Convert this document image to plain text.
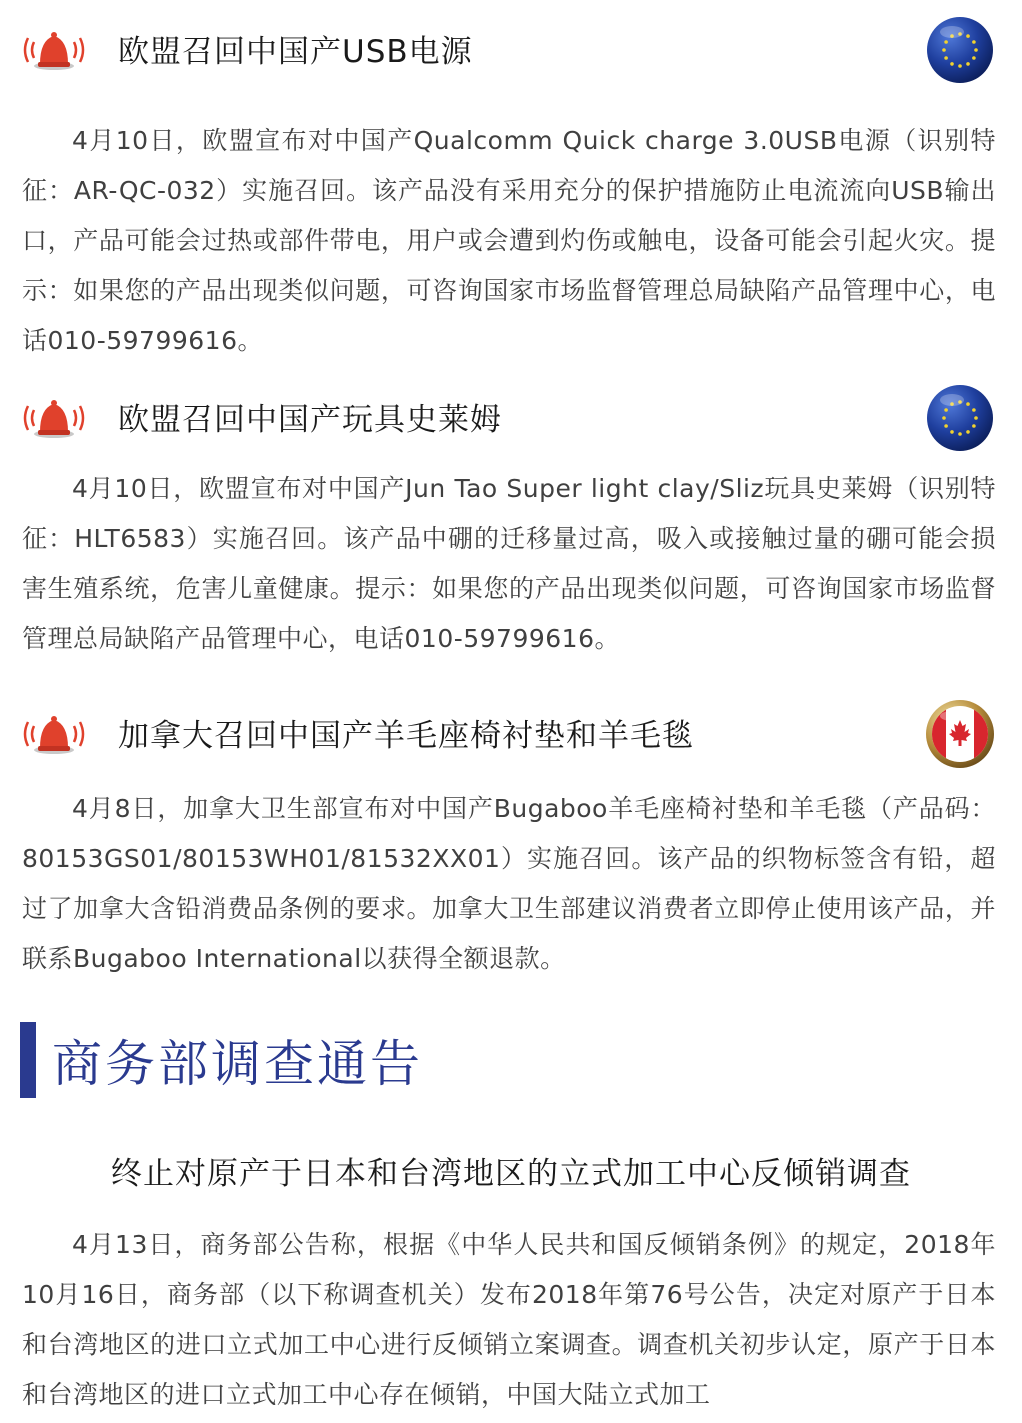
欧盟召回中国产USB电源
4月10日，欧盟宣布对中国产Qualcomm Quick charge 3.0USB电源（识别特征：AR-QC-032）实施召回。该产品没有采用充分的保护措施防止电流流向USB输出口，产品可能会过热或部件带电，用户或会遭到灼伤或触电，设备可能会引起火灾。提示：如果您的产品出现类似问题，可咨询国家市场监督管理总局缺陷产品管理中心，电话010-59799616。
欧盟召回中国产玩具史莱姆
4月10日，欧盟宣布对中国产Jun Tao Super light clay/Sliz玩具史莱姆（识别特征：HLT6583）实施召回。该产品中硼的迁移量过高，吸入或接触过量的硼可能会损害生殖系统，危害儿童健康。提示：如果您的产品出现类似问题，可咨询国家市场监督管理总局缺陷产品管理中心，电话010-59799616。
加拿大召回中国产羊毛座椅衬垫和羊毛毯
4月8日，加拿大卫生部宣布对中国产Bugaboo羊毛座椅衬垫和羊毛毯（产品码：80153GS01/80153WH01/81532XX01）实施召回。该产品的织物标签含有铅，超过了加拿大含铅消费品条例的要求。加拿大卫生部建议消费者立即停止使用该产品，并联系Bugaboo International以获得全额退款。
商务部调查通告
终止对原产于日本和台湾地区的立式加工中心反倾销调查
4月13日，商务部公告称，根据《中华人民共和国反倾销条例》的规定，2018年10月16日，商务部（以下称调查机关）发布2018年第76号公告，决定对原产于日本和台湾地区的进口立式加工中心进行反倾销立案调查。调查机关初步认定，原产于日本和台湾地区的进口立式加工中心存在倾销，中国大陆立式加工
